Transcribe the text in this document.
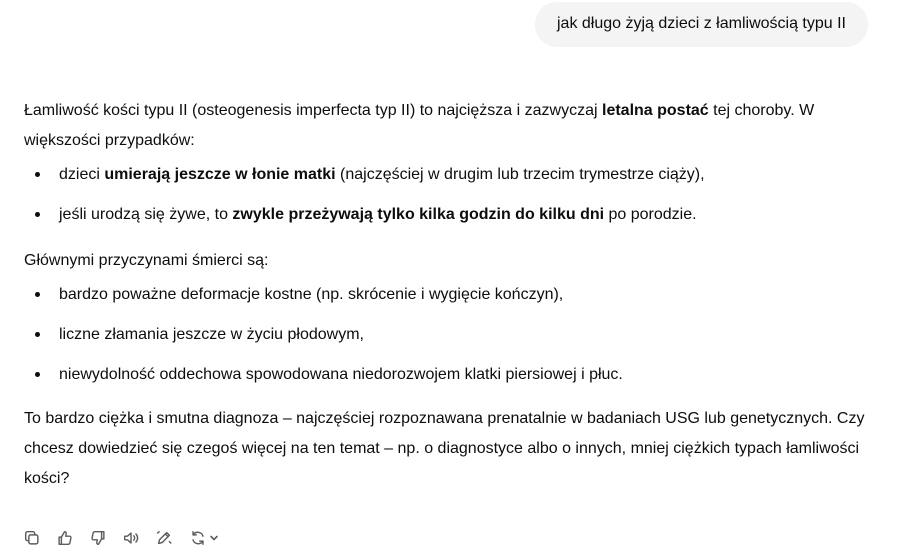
jak długo żyją dzieci z łamliwością typu II

Łamliwość kości typu II (osteogenesis imperfecta typ II) to najcięższa i zazwyczaj letalna postać tej choroby. W większości przypadków:

dzieci umierają jeszcze w łonie matki (najczęściej w drugim lub trzecim trymestrze ciąży),
jeśli urodzą się żywe, to zwykle przeżywają tylko kilka godzin do kilku dni po porodzie.

Głównymi przyczynami śmierci są:

bardzo poważne deformacje kostne (np. skrócenie i wygięcie kończyn),
liczne złamania jeszcze w życiu płodowym,
niewydolność oddechowa spowodowana niedorozwojem klatki piersiowej i płuc.

To bardzo ciężka i smutna diagnoza – najczęściej rozpoznawana prenatalnie w badaniach USG lub genetycznych. Czy chcesz dowiedzieć się czegoś więcej na ten temat – np. o diagnostyce albo o innych, mniej ciężkich typach łamliwości kości?
